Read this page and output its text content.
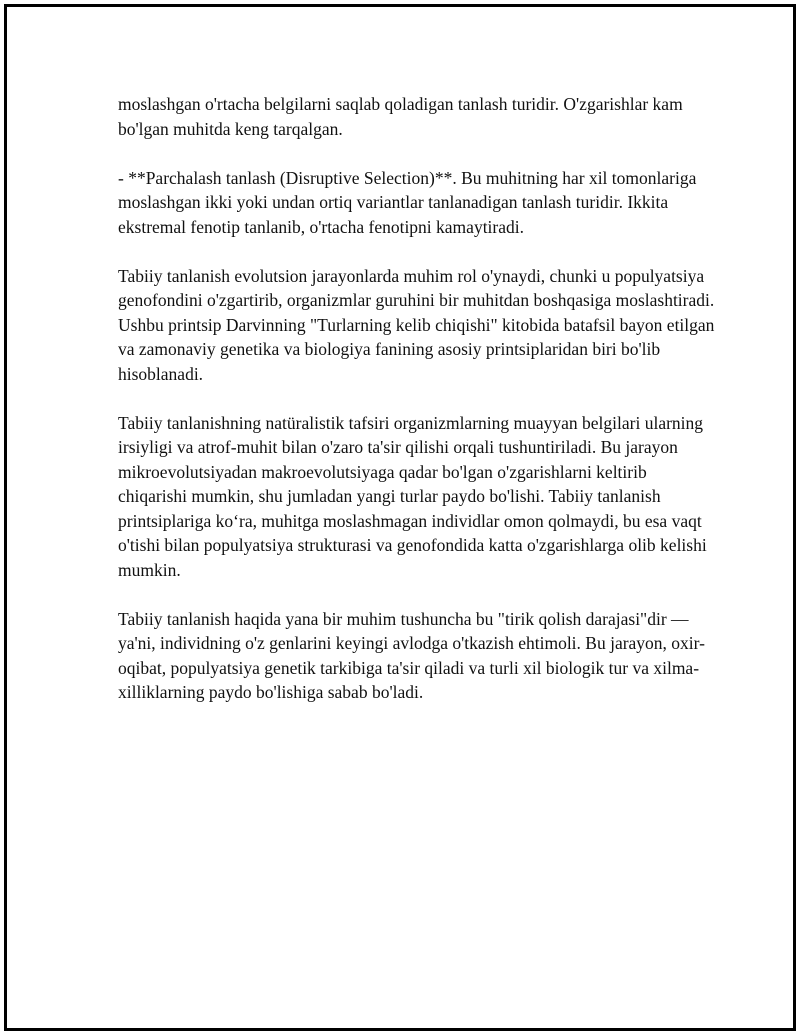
moslashgan o'rtacha belgilarni saqlab qoladigan tanlash turidir. O'zgarishlar kam bo'lgan muhitda keng tarqalgan.

- **Parchalash tanlash (Disruptive Selection)**. Bu muhitning har xil tomonlariga moslashgan ikki yoki undan ortiq variantlar tanlanadigan tanlash turidir. Ikkita ekstremal fenotip tanlanib, o'rtacha fenotipni kamaytiradi.

Tabiiy tanlanish evolutsion jarayonlarda muhim rol o'ynaydi, chunki u populyatsiya genofondini o'zgartirib, organizmlar guruhini bir muhitdan boshqasiga moslashtiradi. Ushbu printsip Darvinning "Turlarning kelib chiqishi" kitobida batafsil bayon etilgan va zamonaviy genetika va biologiya fanining asosiy printsiplaridan biri bo'lib hisoblanadi.

Tabiiy tanlanishning natüralistik tafsiri organizmlarning muayyan belgilari ularning irsiyligi va atrof-muhit bilan o'zaro ta'sir qilishi orqali tushuntiriladi. Bu jarayon mikroevolutsiyadan makroevolutsiyaga qadar bo'lgan o'zgarishlarni keltirib chiqarishi mumkin, shu jumladan yangi turlar paydo bo'lishi. Tabiiy tanlanish printsiplariga ko‘ra, muhitga moslashmagan individlar omon qolmaydi, bu esa vaqt o'tishi bilan populyatsiya strukturasi va genofondida katta o'zgarishlarga olib kelishi mumkin.

Tabiiy tanlanish haqida yana bir muhim tushuncha bu "tirik qolish darajasi"dir — ya'ni, individning o'z genlarini keyingi avlodga o'tkazish ehtimoli. Bu jarayon, oxir-oqibat, populyatsiya genetik tarkibiga ta'sir qiladi va turli xil biologik tur va xilma-xilliklarning paydo bo'lishiga sabab bo'ladi.
